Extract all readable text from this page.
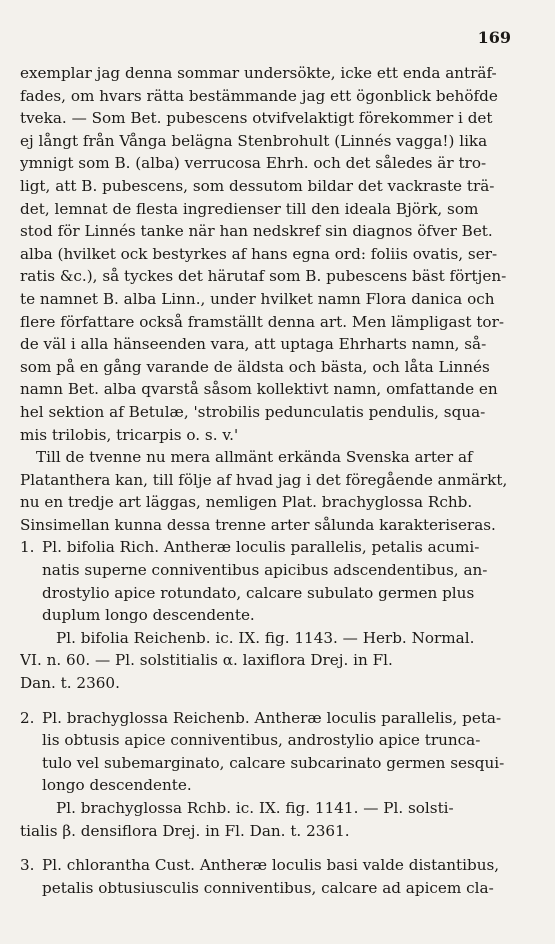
169
exemplar jag denna sommar undersökte, icke ett enda anträf-
fades, om hvars rätta bestämmande jag ett ögonblick behöfde
tveka. — Som Bet. pubescens otvifvelaktigt förekommer i det
ej långt från Vånga belägna Stenbrohult (Linnés vagga!) lika
ymnigt som B. (alba) verrucosa Ehrh. och det således är tro-
ligt, att B. pubescens, som dessutom bildar det vackraste trä-
det, lemnat de flesta ingredienser till den ideala Björk, som
stod för Linnés tanke när han nedskref sin diagnos öfver Bet.
alba (hvilket ock bestyrkes af hans egna ord: foliis ovatis, ser-
ratis &c.), så tyckes det härutaf som B. pubescens bäst förtjen-
te namnet B. alba Linn., under hvilket namn Flora danica och
flere författare också framställt denna art. Men lämpligast tor-
de väl i alla hänseenden vara, att uptaga Ehrharts namn, så-
som på en gång varande de äldsta och bästa, och låta Linnés
namn Bet. alba qvarstå såsom kollektivt namn, omfattande en
hel sektion af Betulæ, 'strobilis pedunculatis pendulis, squa-
mis trilobis, tricarpis o. s. v.'
Till de tvenne nu mera allmänt erkända Svenska arter af
Platanthera kan, till följe af hvad jag i det föregående anmärkt,
nu en tredje art läggas, nemligen Plat. brachyglossa Rchb.
Sinsimellan kunna dessa trenne arter sålunda karakteriseras.
1. Pl. bifolia Rich. Antheræ loculis parallelis, petalis acumi-
natis superne conniventibus apicibus adscendentibus, an-
drostylio apice rotundato, calcare subulato germen plus
duplum longo descendente.
Pl. bifolia Reichenb. ic. IX. fig. 1143. — Herb. Normal.
VI. n. 60. — Pl. solstitialis α. laxiflora Drej. in Fl.
Dan. t. 2360.
2. Pl. brachyglossa Reichenb. Antheræ loculis parallelis, peta-
lis obtusis apice conniventibus, androstylio apice trunca-
tulo vel subemarginato, calcare subcarinato germen sesqui-
longo descendente.
Pl. brachyglossa Rchb. ic. IX. fig. 1141. — Pl. solsti-
tialis β. densiflora Drej. in Fl. Dan. t. 2361.
3. Pl. chlorantha Cust. Antheræ loculis basi valde distantibus,
petalis obtusiusculis conniventibus, calcare ad apicem cla-
